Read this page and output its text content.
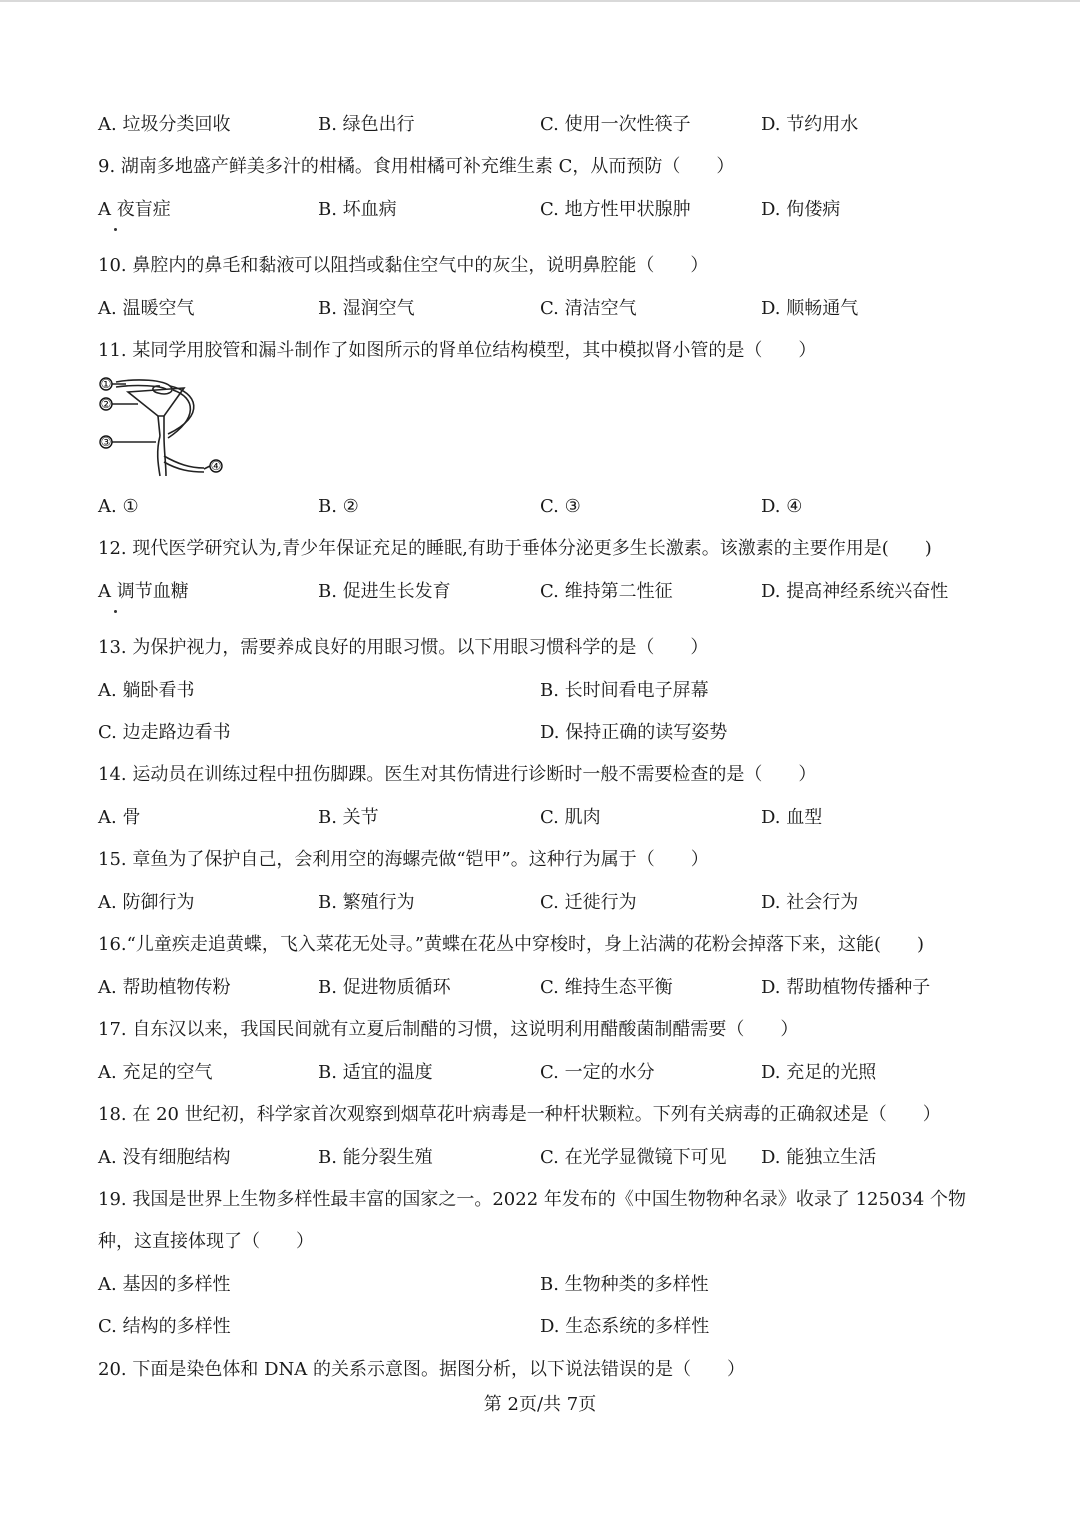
A. 垃圾分类回收	B. 绿色出行	C. 使用一次性筷子	D. 节约用水
9. 湖南多地盛产鲜美多汁的柑橘。食用柑橘可补充维生素 C，从而预防（　　）
A 夜盲症	B. 坏血病	C. 地方性甲状腺肿	D. 佝偻病
10. 鼻腔内的鼻毛和黏液可以阻挡或黏住空气中的灰尘，说明鼻腔能（　　）
A. 温暖空气	B. 湿润空气	C. 清洁空气	D. 顺畅通气
11. 某同学用胶管和漏斗制作了如图所示的肾单位结构模型，其中模拟肾小管的是（　　）
①
②
③
④
A. ①	B. ②	C. ③	D. ④
12. 现代医学研究认为,青少年保证充足的睡眠,有助于垂体分泌更多生长激素。该激素的主要作用是(　　)
A 调节血糖	B. 促进生长发育	C. 维持第二性征	D. 提高神经系统兴奋性
13. 为保护视力，需要养成良好的用眼习惯。以下用眼习惯科学的是（　　）
A. 躺卧看书	B. 长时间看电子屏幕
C. 边走路边看书	D. 保持正确的读写姿势
14. 运动员在训练过程中扭伤脚踝。医生对其伤情进行诊断时一般不需要检查的是（　　）
A. 骨	B. 关节	C. 肌肉	D. 血型
15. 章鱼为了保护自己，会利用空的海螺壳做“铠甲”。这种行为属于（　　）
A. 防御行为	B. 繁殖行为	C. 迁徙行为	D. 社会行为
16.“儿童疾走追黄蝶，飞入菜花无处寻。”黄蝶在花丛中穿梭时，身上沾满的花粉会掉落下来，这能(　　)
A. 帮助植物传粉	B. 促进物质循环	C. 维持生态平衡	D. 帮助植物传播种子
17. 自东汉以来，我国民间就有立夏后制醋的习惯，这说明利用醋酸菌制醋需要（　　）
A. 充足的空气	B. 适宜的温度	C. 一定的水分	D. 充足的光照
18. 在 20 世纪初，科学家首次观察到烟草花叶病毒是一种杆状颗粒。下列有关病毒的正确叙述是（　　）
A. 没有细胞结构	B. 能分裂生殖	C. 在光学显微镜下可见 D. 能独立生活
19. 我国是世界上生物多样性最丰富的国家之一。2022 年发布的《中国生物物种名录》收录了 125034 个物
种，这直接体现了（　　）
A. 基因的多样性	B. 生物种类的多样性
C. 结构的多样性	D. 生态系统的多样性
20. 下面是染色体和 DNA 的关系示意图。据图分析，以下说法错误的是（　　）
第 2页/共 7页
